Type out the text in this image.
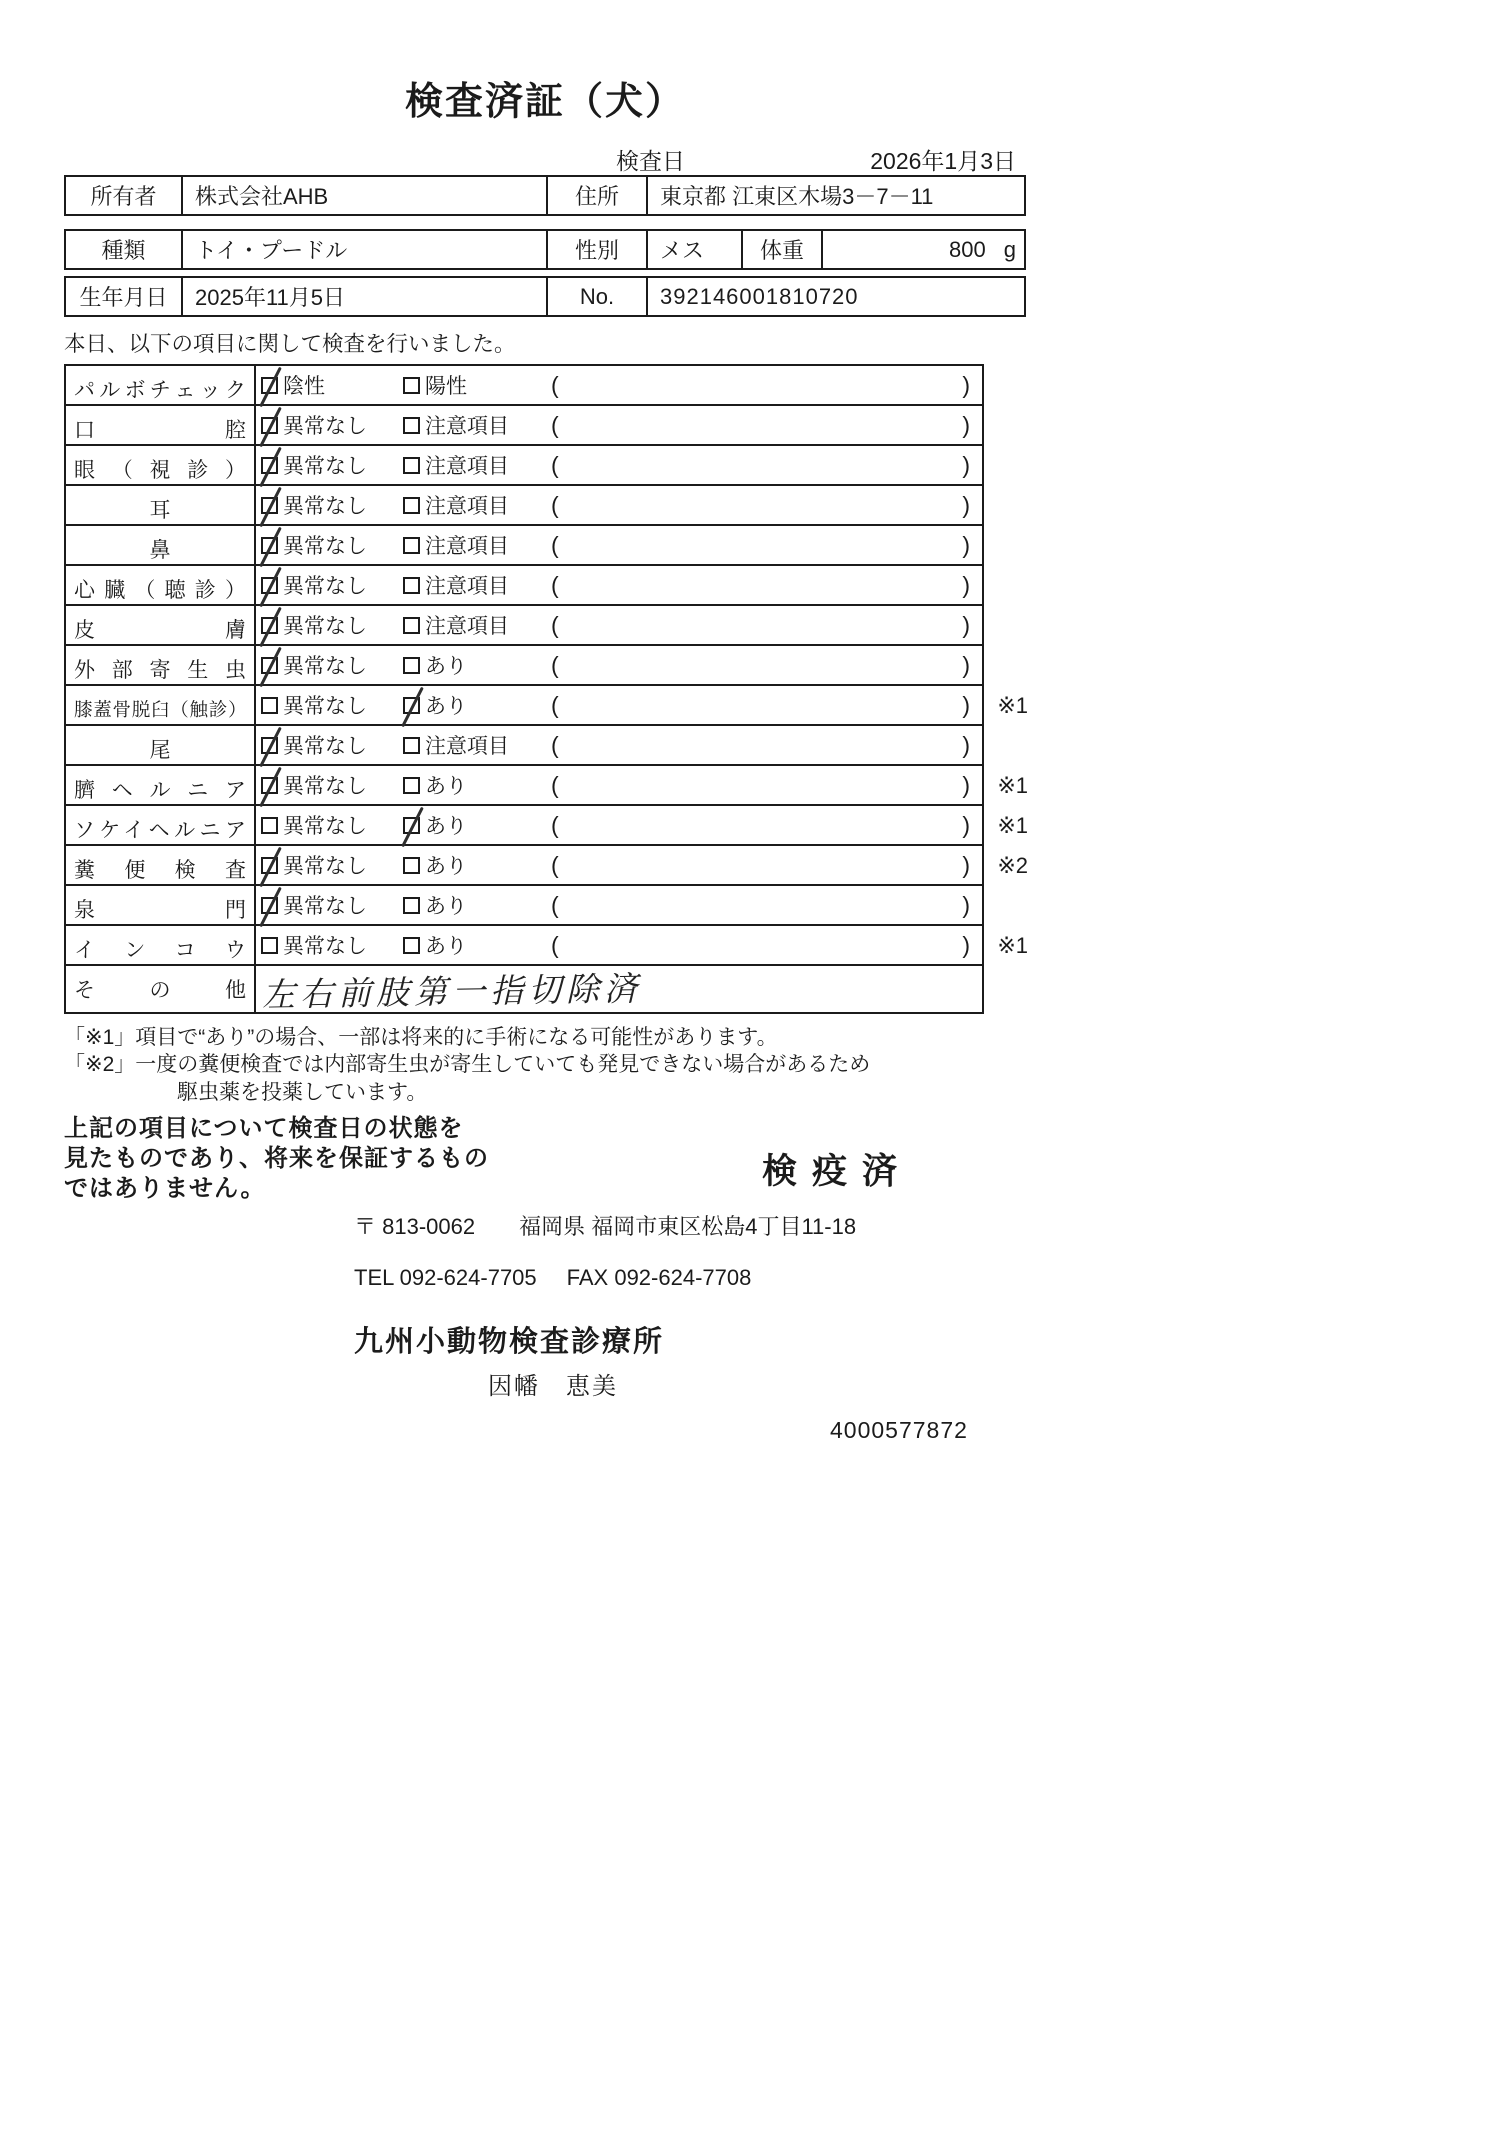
検査済証（犬）
検査日	2026年1月3日
所有者	株式会社AHB	住所	東京都 江東区木場3－7－11
種類	トイ・プードル	性別	メス	体重	800 g
生年月日	2025年11月5日	No.	392146001810720
本日、以下の項目に関して検査を行いました。
パルボチェック	陰性	陽性	(	)
口腔	異常なし	注意項目 (	)
眼（視診）	異常なし	注意項目 (	)
耳	異常なし	注意項目 (	)
鼻	異常なし	注意項目 (	)
心臓（聴診）	異常なし	注意項目 (	)
皮膚	異常なし	注意項目 (	)
外部寄生虫	異常なし	あり	(	)
膝蓋骨脱臼（触診）	異常なし	あり	(	) ※1
尾	異常なし	注意項目 (	)
臍ヘルニア	異常なし	あり	(	) ※1
ソケイヘルニア	異常なし	あり	(	) ※1
糞便検査	異常なし	あり	(	) ※2
泉門	異常なし	あり	(	)
インコウ	異常なし	あり	(	) ※1
その他 左右前肢第一指切除済
「※1」項目で“あり”の場合、一部は将来的に手術になる可能性があります。
「※2」一度の糞便検査では内部寄生虫が寄生していても発見できない場合があるため
駆虫薬を投薬しています。
上記の項目について検査日の状態を
見たものであり、将来を保証するもの
ではありません。	検疫済
〒 813-0062 福岡県 福岡市東区松島4丁目11-18
TEL 092-624-7705 FAX 092-624-7708
九州小動物検査診療所
因幡　恵美
4000577872
